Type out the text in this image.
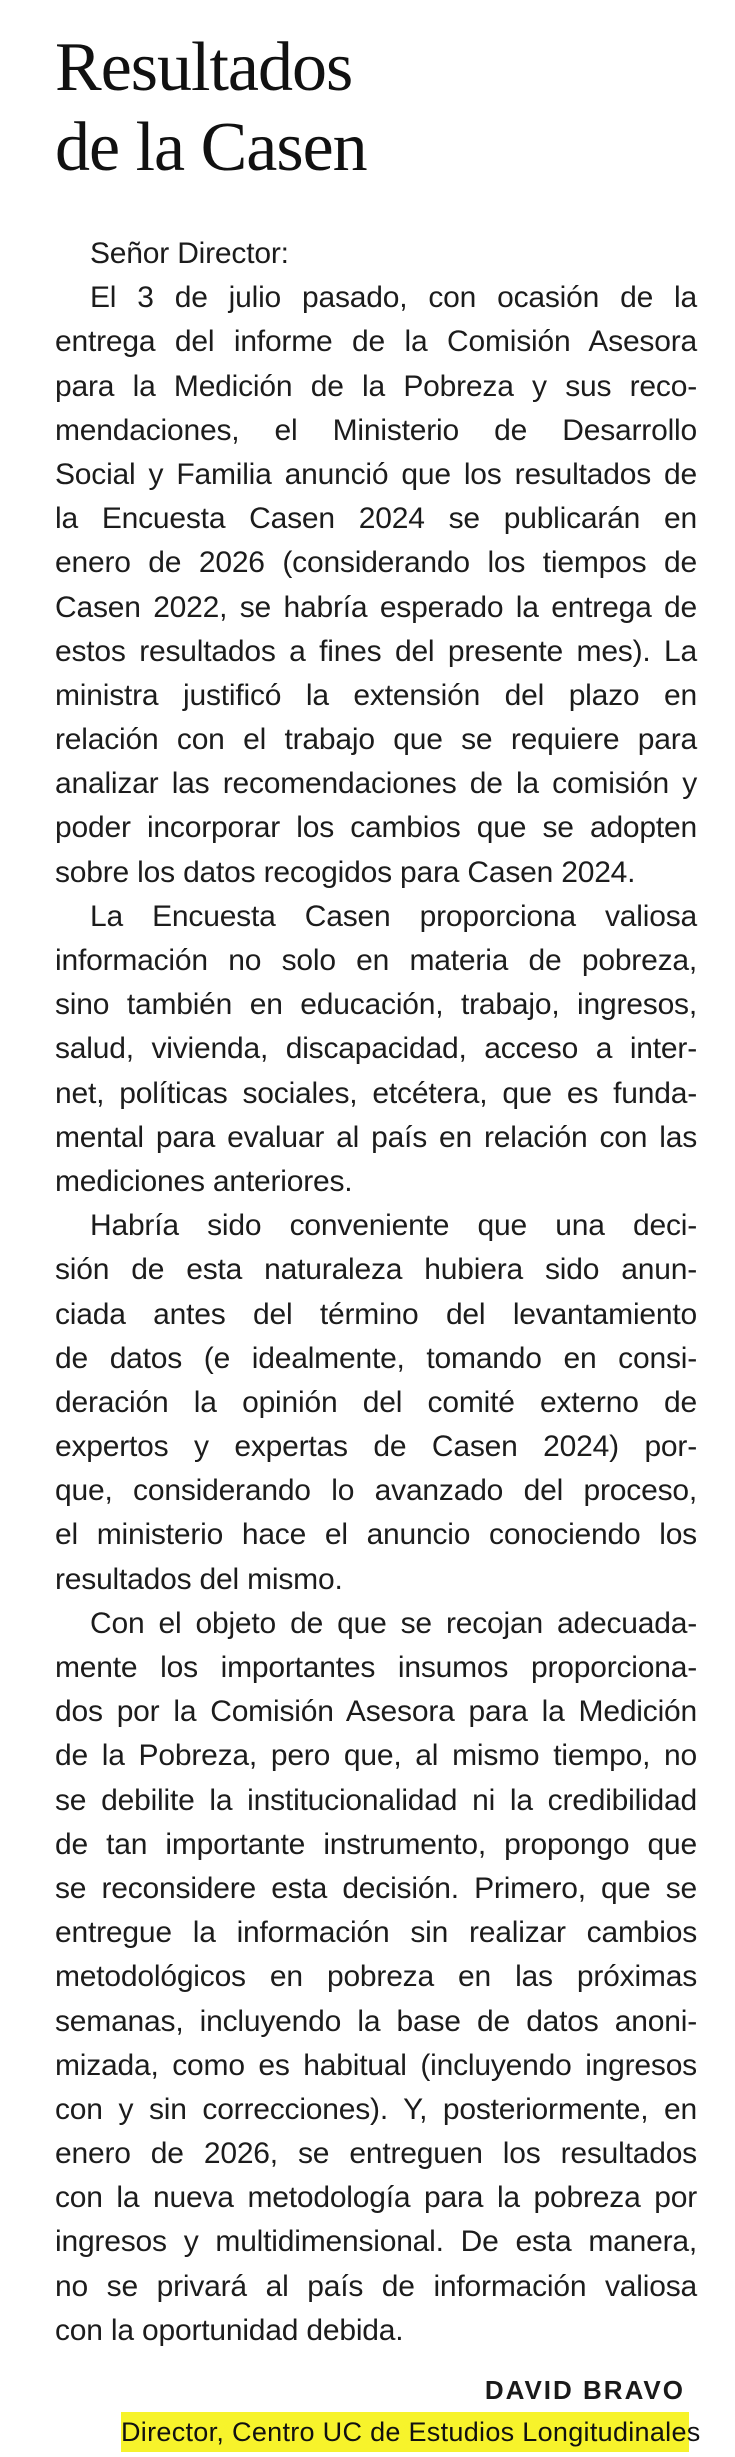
Resultados
de la Casen
Señor Director:
El 3 de julio pasado, con ocasión de la
entrega del informe de la Comisión Asesora
para la Medición de la Pobreza y sus reco-
mendaciones, el Ministerio de Desarrollo
Social y Familia anunció que los resultados de
la Encuesta Casen 2024 se publicarán en
enero de 2026 (considerando los tiempos de
Casen 2022, se habría esperado la entrega de
estos resultados a fines del presente mes). La
ministra justificó la extensión del plazo en
relación con el trabajo que se requiere para
analizar las recomendaciones de la comisión y
poder incorporar los cambios que se adopten
sobre los datos recogidos para Casen 2024.
La Encuesta Casen proporciona valiosa
información no solo en materia de pobreza,
sino también en educación, trabajo, ingresos,
salud, vivienda, discapacidad, acceso a inter-
net, políticas sociales, etcétera, que es funda-
mental para evaluar al país en relación con las
mediciones anteriores.
Habría sido conveniente que una deci-
sión de esta naturaleza hubiera sido anun-
ciada antes del término del levantamiento
de datos (e idealmente, tomando en consi-
deración la opinión del comité externo de
expertos y expertas de Casen 2024) por-
que, considerando lo avanzado del proceso,
el ministerio hace el anuncio conociendo los
resultados del mismo.
Con el objeto de que se recojan adecuada-
mente los importantes insumos proporciona-
dos por la Comisión Asesora para la Medición
de la Pobreza, pero que, al mismo tiempo, no
se debilite la institucionalidad ni la credibilidad
de tan importante instrumento, propongo que
se reconsidere esta decisión. Primero, que se
entregue la información sin realizar cambios
metodológicos en pobreza en las próximas
semanas, incluyendo la base de datos anoni-
mizada, como es habitual (incluyendo ingresos
con y sin correcciones). Y, posteriormente, en
enero de 2026, se entreguen los resultados
con la nueva metodología para la pobreza por
ingresos y multidimensional. De esta manera,
no se privará al país de información valiosa
con la oportunidad debida.
DAVID BRAVO
Director, Centro UC de Estudios Longitudinales
